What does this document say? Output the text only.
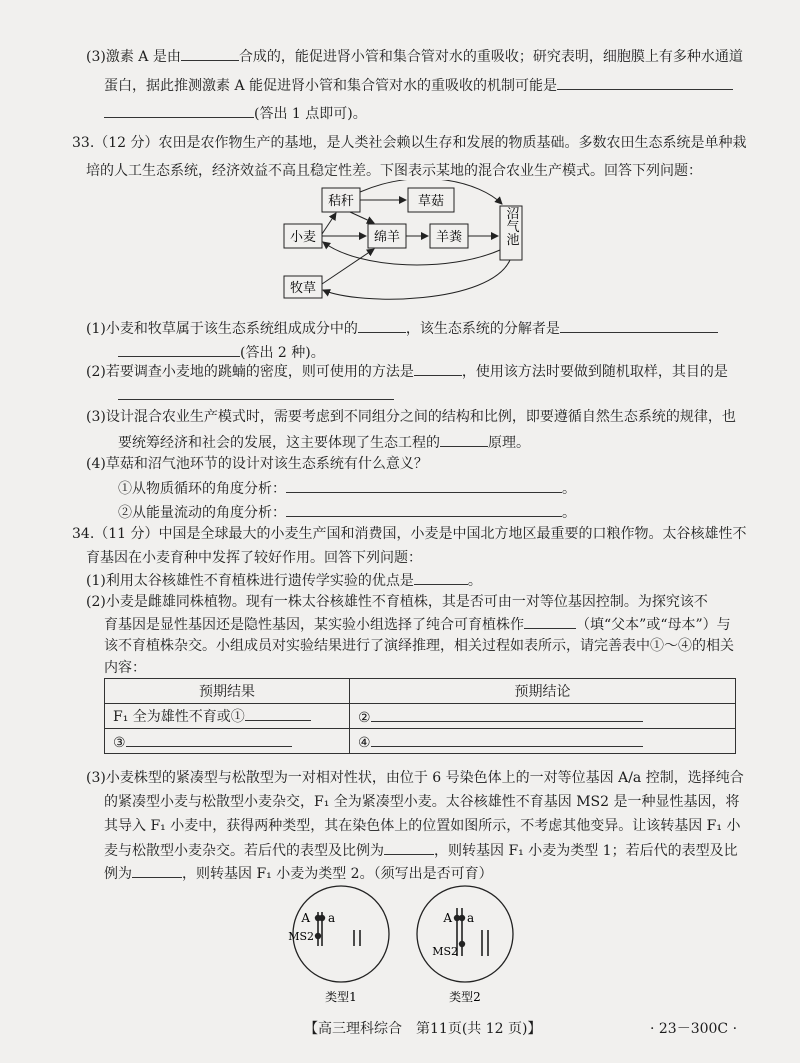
(3)激素 A 是由	合成的，能促进肾小管和集合管对水的重吸收；研究表明，细胞膜上有多种水通道
蛋白，据此推测激素 A 能促进肾小管和集合管对水的重吸收的机制可能是
(答出 1 点即可)。
33.（12 分）农田是农作物生产的基地，是人类社会赖以生存和发展的物质基础。多数农田生态系统是单种栽
培的人工生态系统，经济效益不高且稳定性差。下图表示某地的混合农业生产模式。回答下列问题：
秸秆	草菇
小麦	绵羊	羊粪	沼气池
牧草
(1)小麦和牧草属于该生态系统组成成分中的	，该生态系统的分解者是
(答出 2 种)。
(2)若要调查小麦地的跳蝻的密度，则可使用的方法是	，使用该方法时要做到随机取样，其目的是
(3)设计混合农业生产模式时，需要考虑到不同组分之间的结构和比例，即要遵循自然生态系统的规律，也
要统筹经济和社会的发展，这主要体现了生态工程的	原理。
(4)草菇和沼气池环节的设计对该生态系统有什么意义？
①从物质循环的角度分析：	。
②从能量流动的角度分析：	。
34.（11 分）中国是全球最大的小麦生产国和消费国，小麦是中国北方地区最重要的口粮作物。太谷核雄性不
育基因在小麦育种中发挥了较好作用。回答下列问题：
(1)利用太谷核雄性不育植株进行遗传学实验的优点是	。
(2)小麦是雌雄同株植物。现有一株太谷核雄性不育植株，其是否可由一对等位基因控制。为探究该不
育基因是显性基因还是隐性基因，某实验小组选择了纯合可育植株作	（填“父本”或“母本”）与
该不育植株杂交。小组成员对实验结果进行了演绎推理，相关过程如表所示，请完善表中①～④的相关
内容：
预期结果	预期结论
F₁ 全为雄性不育或①	②
③	④
(3)小麦株型的紧凑型与松散型为一对相对性状，由位于 6 号染色体上的一对等位基因 A/a 控制，选择纯合
的紧凑型小麦与松散型小麦杂交，F₁ 全为紧凑型小麦。太谷核雄性不育基因 MS2 是一种显性基因，将
其导入 F₁ 小麦中，获得两种类型，其在染色体上的位置如图所示，不考虑其他变异。让该转基因 F₁ 小
麦与松散型小麦杂交。若后代的表型及比例为	，则转基因 F₁ 小麦为类型 1；若后代的表型及比
例为	，则转基因 F₁ 小麦为类型 2。（须写出是否可育）
A a
MS2
A a
MS2
类型1	类型2
【高三理科综合　第11页(共 12 页)】	· 23－300C ·
